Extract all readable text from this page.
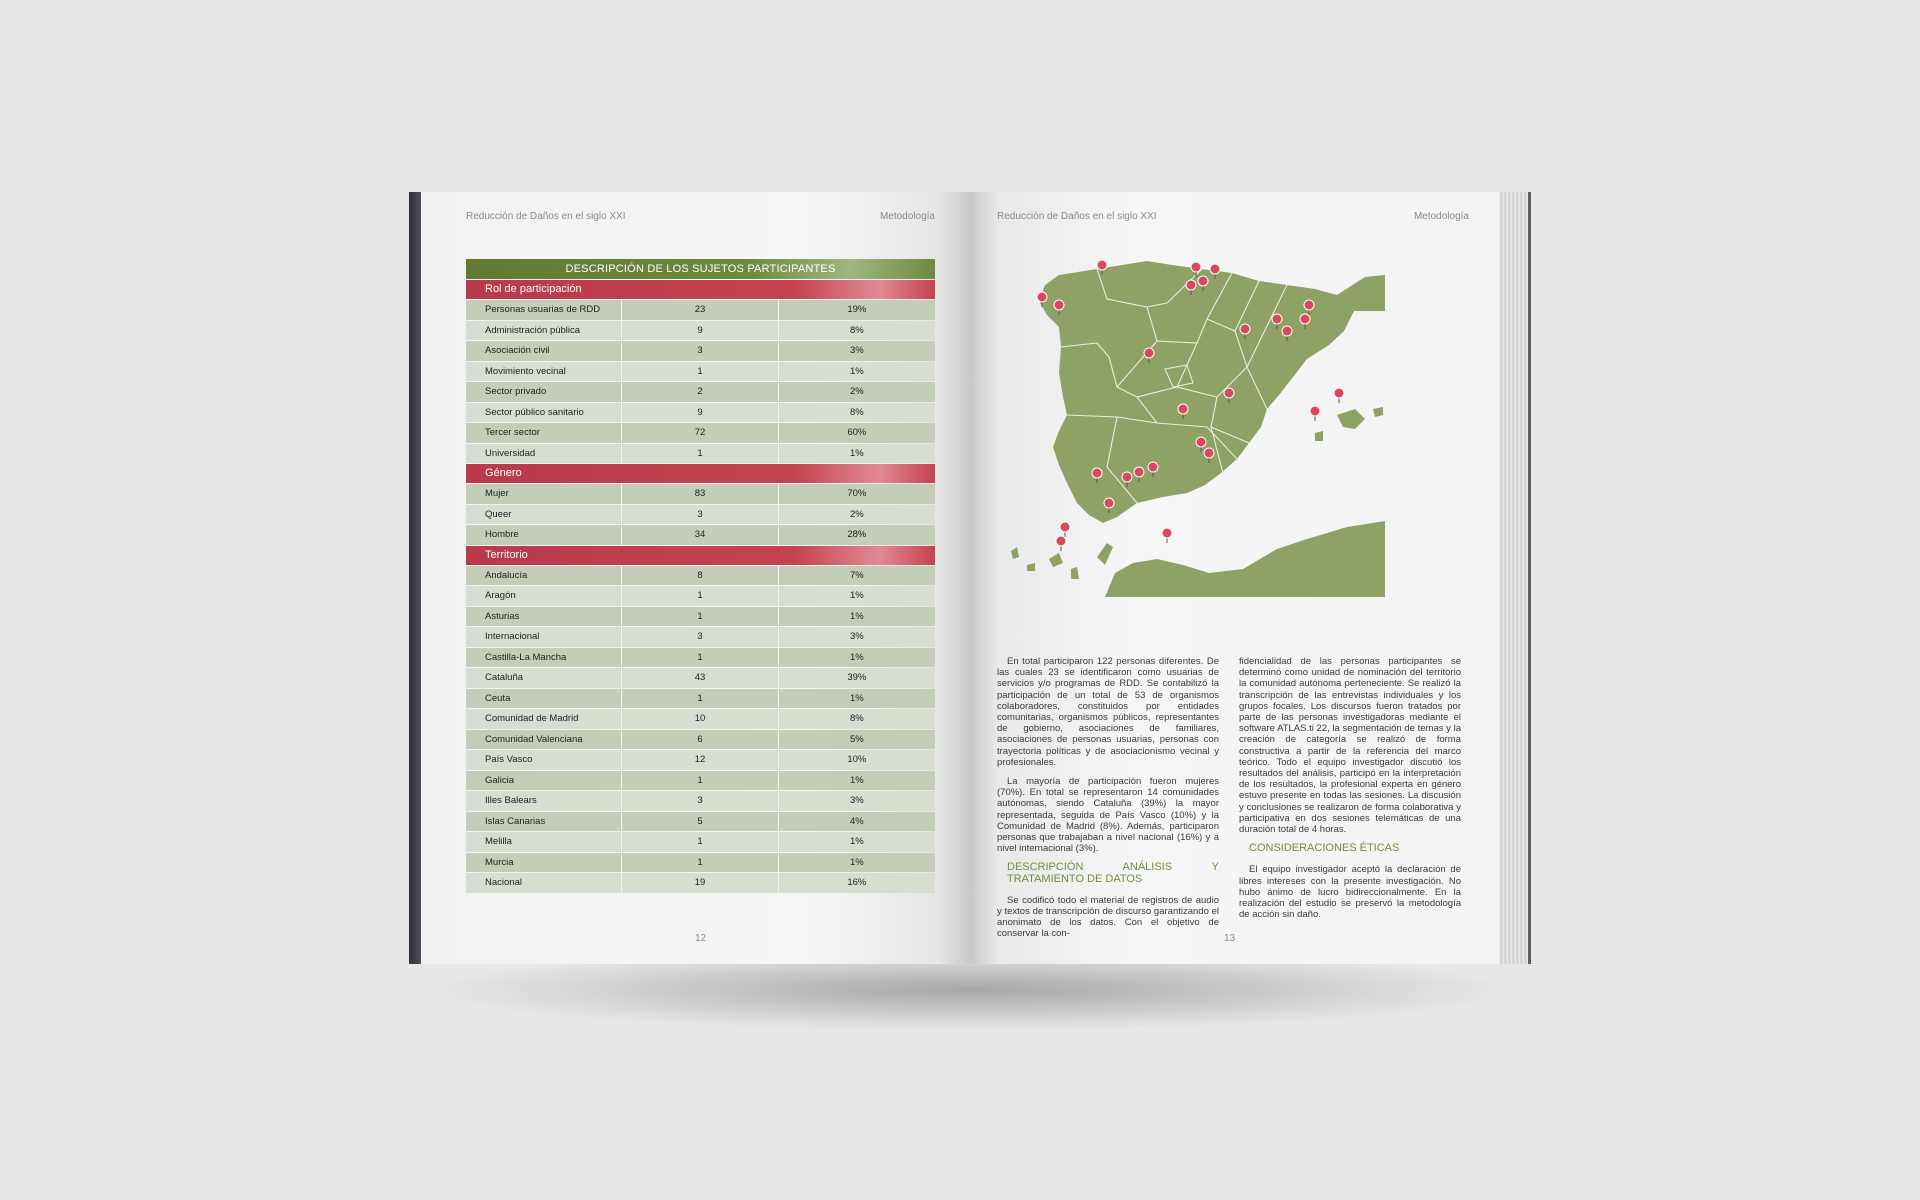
Reducción de Daños en el siglo XXI	Metodología
DESCRIPCIÓN DE LOS SUJETOS PARTICIPANTES
Rol de participación
Personas usuarias de RDD	23	19%
Administración pública	9	8%
Asociación civil	3	3%
Movimiento vecinal	1	1%
Sector privado	2	2%
Sector público sanitario	9	8%
Tercer sector	72	60%
Universidad	1	1%
Género
Mujer	83	70%
Queer	3	2%
Hombre	34	28%
Territorio
Andalucía	8	7%
Aragón	1	1%
Asturias	1	1%
Internacional	3	3%
Castilla-La Mancha	1	1%
Cataluña	43	39%
Ceuta	1	1%
Comunidad de Madrid	10	8%
Comunidad Valenciana	6	5%
País Vasco	12	10%
Galicia	1	1%
Illes Balears	3	3%
Islas Canarias	5	4%
Melilla	1	1%
Murcia	1	1%
Nacional	19	16%
12
Reducción de Daños en el siglo XXI	Metodología

En total participaron 122 personas diferentes. De las cuales 23 se identificaron como usuarias de servicios y/o programas de RDD. Se contabilizó la participación de un total de 53 de organismos colaboradores, constituidos por entidades comunitarias, organismos públicos, representantes de gobierno, asociaciones de familiares, asociaciones de personas usuarias, personas con trayectoria políticas y de asociacionismo vecinal y profesionales.

La mayoría de participación fueron mujeres (70%). En total se representaron 14 comunidades autónomas, siendo Cataluña (39%) la mayor representada, seguida de País Vasco (10%) y la Comunidad de Madrid (8%). Además, participaron personas que trabajaban a nivel nacional (16%) y a nivel internacional (3%).

DESCRIPCIÓN ANÁLISIS Y TRATAMIENTO DE DATOS

Se codificó todo el material de registros de audio y textos de transcripción de discurso garantizando el anonimato de los datos. Con el objetivo de conservar la con-

fidencialidad de las personas participantes se determinó como unidad de nominación del territorio la comunidad autónoma perteneciente. Se realizó la transcripción de las entrevistas individuales y los grupos focales. Los discursos fueron tratados por parte de las personas investigadoras mediante el software ATLAS.ti 22, la segmentación de temas y la creación de categoría se realizó de forma constructiva a partir de la referencia del marco teórico. Todo el equipo investigador discutió los resultados del análisis, participó en la interpretación de los resultados, la profesional experta en género estuvo presente en todas las sesiones. La discusión y conclusiones se realizaron de forma colaborativa y participativa en dos sesiones telemáticas de una duración total de 4 horas.

CONSIDERACIONES ÉTICAS

El equipo investigador aceptó la declaración de libres intereses con la presente investigación. No hubo ánimo de lucro bidireccionalmente. En la realización del estudio se preservó la metodología de acción sin daño.

13
